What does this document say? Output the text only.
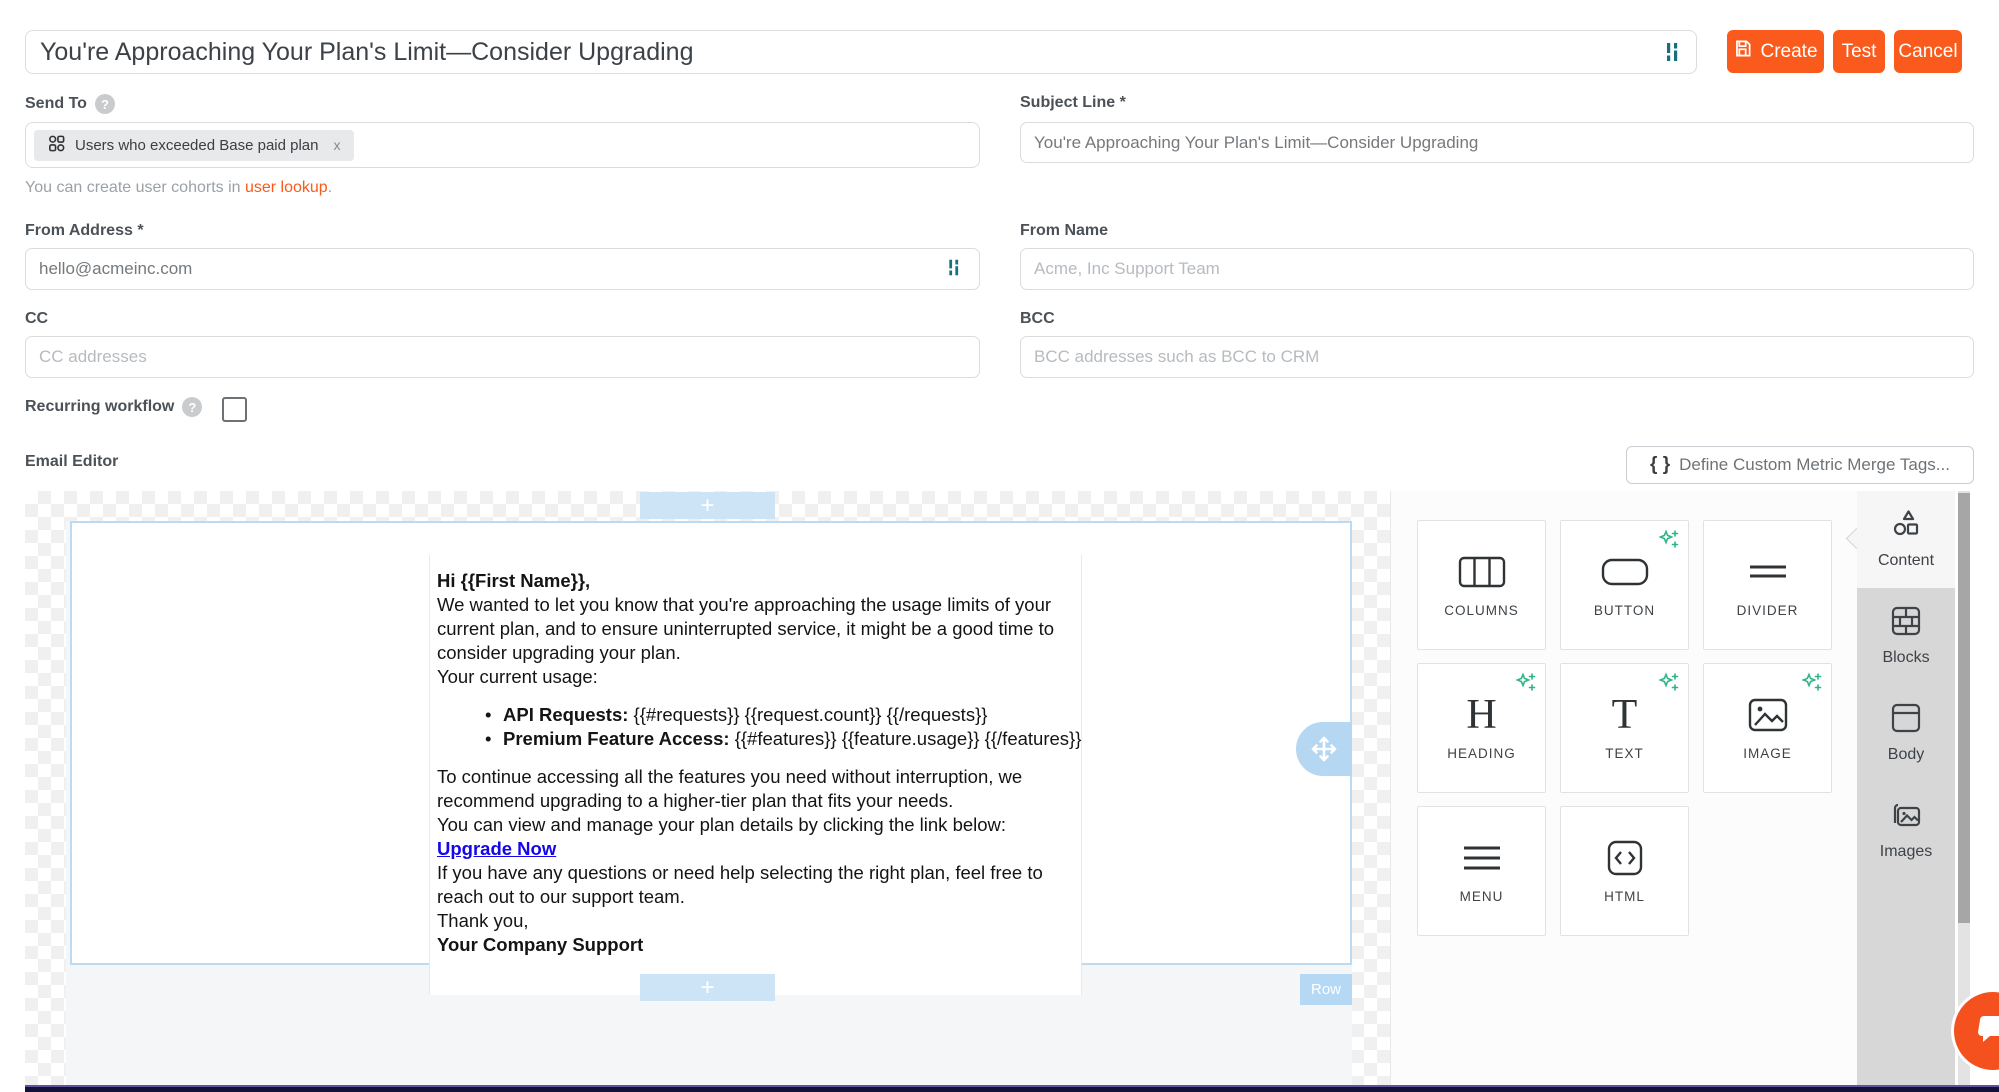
You're Approaching Your Plan's Limit—Consider Upgrading
Create Test Cancel
Send To	?
Users who exceeded Base paid plan x
You can create user cohorts in user lookup.
From Address *
hello@acmeinc.com
CC
CC addresses
Recurring workflow	?
Email Editor
Subject Line *
You're Approaching Your Plan's Limit—Consider Upgrading
From Name
Acme, Inc Support Team
BCC
BCC addresses such as BCC to CRM
{ } Define Custom Metric Merge Tags...
+
Hi {{First Name}},
We wanted to let you know that you're approaching the usage limits of your
current plan, and to ensure uninterrupted service, it might be a good time to
consider upgrading your plan.
Your current usage:
• API Requests: {{#requests}} {{request.count}} {{/requests}}
• Premium Feature Access: {{#features}} {{feature.usage}} {{/features}}
To continue accessing all the features you need without interruption, we
recommend upgrading to a higher-tier plan that fits your needs.
You can view and manage your plan details by clicking the link below:
Upgrade Now
If you have any questions or need help selecting the right plan, feel free to
reach out to our support team.
Thank you,
Your Company Support
+	Row
COLUMNS	BUTTON	DIVIDER
H
HEADING
T
TEXT	IMAGE
MENU	HTML
Content
Blocks
Body
Images
